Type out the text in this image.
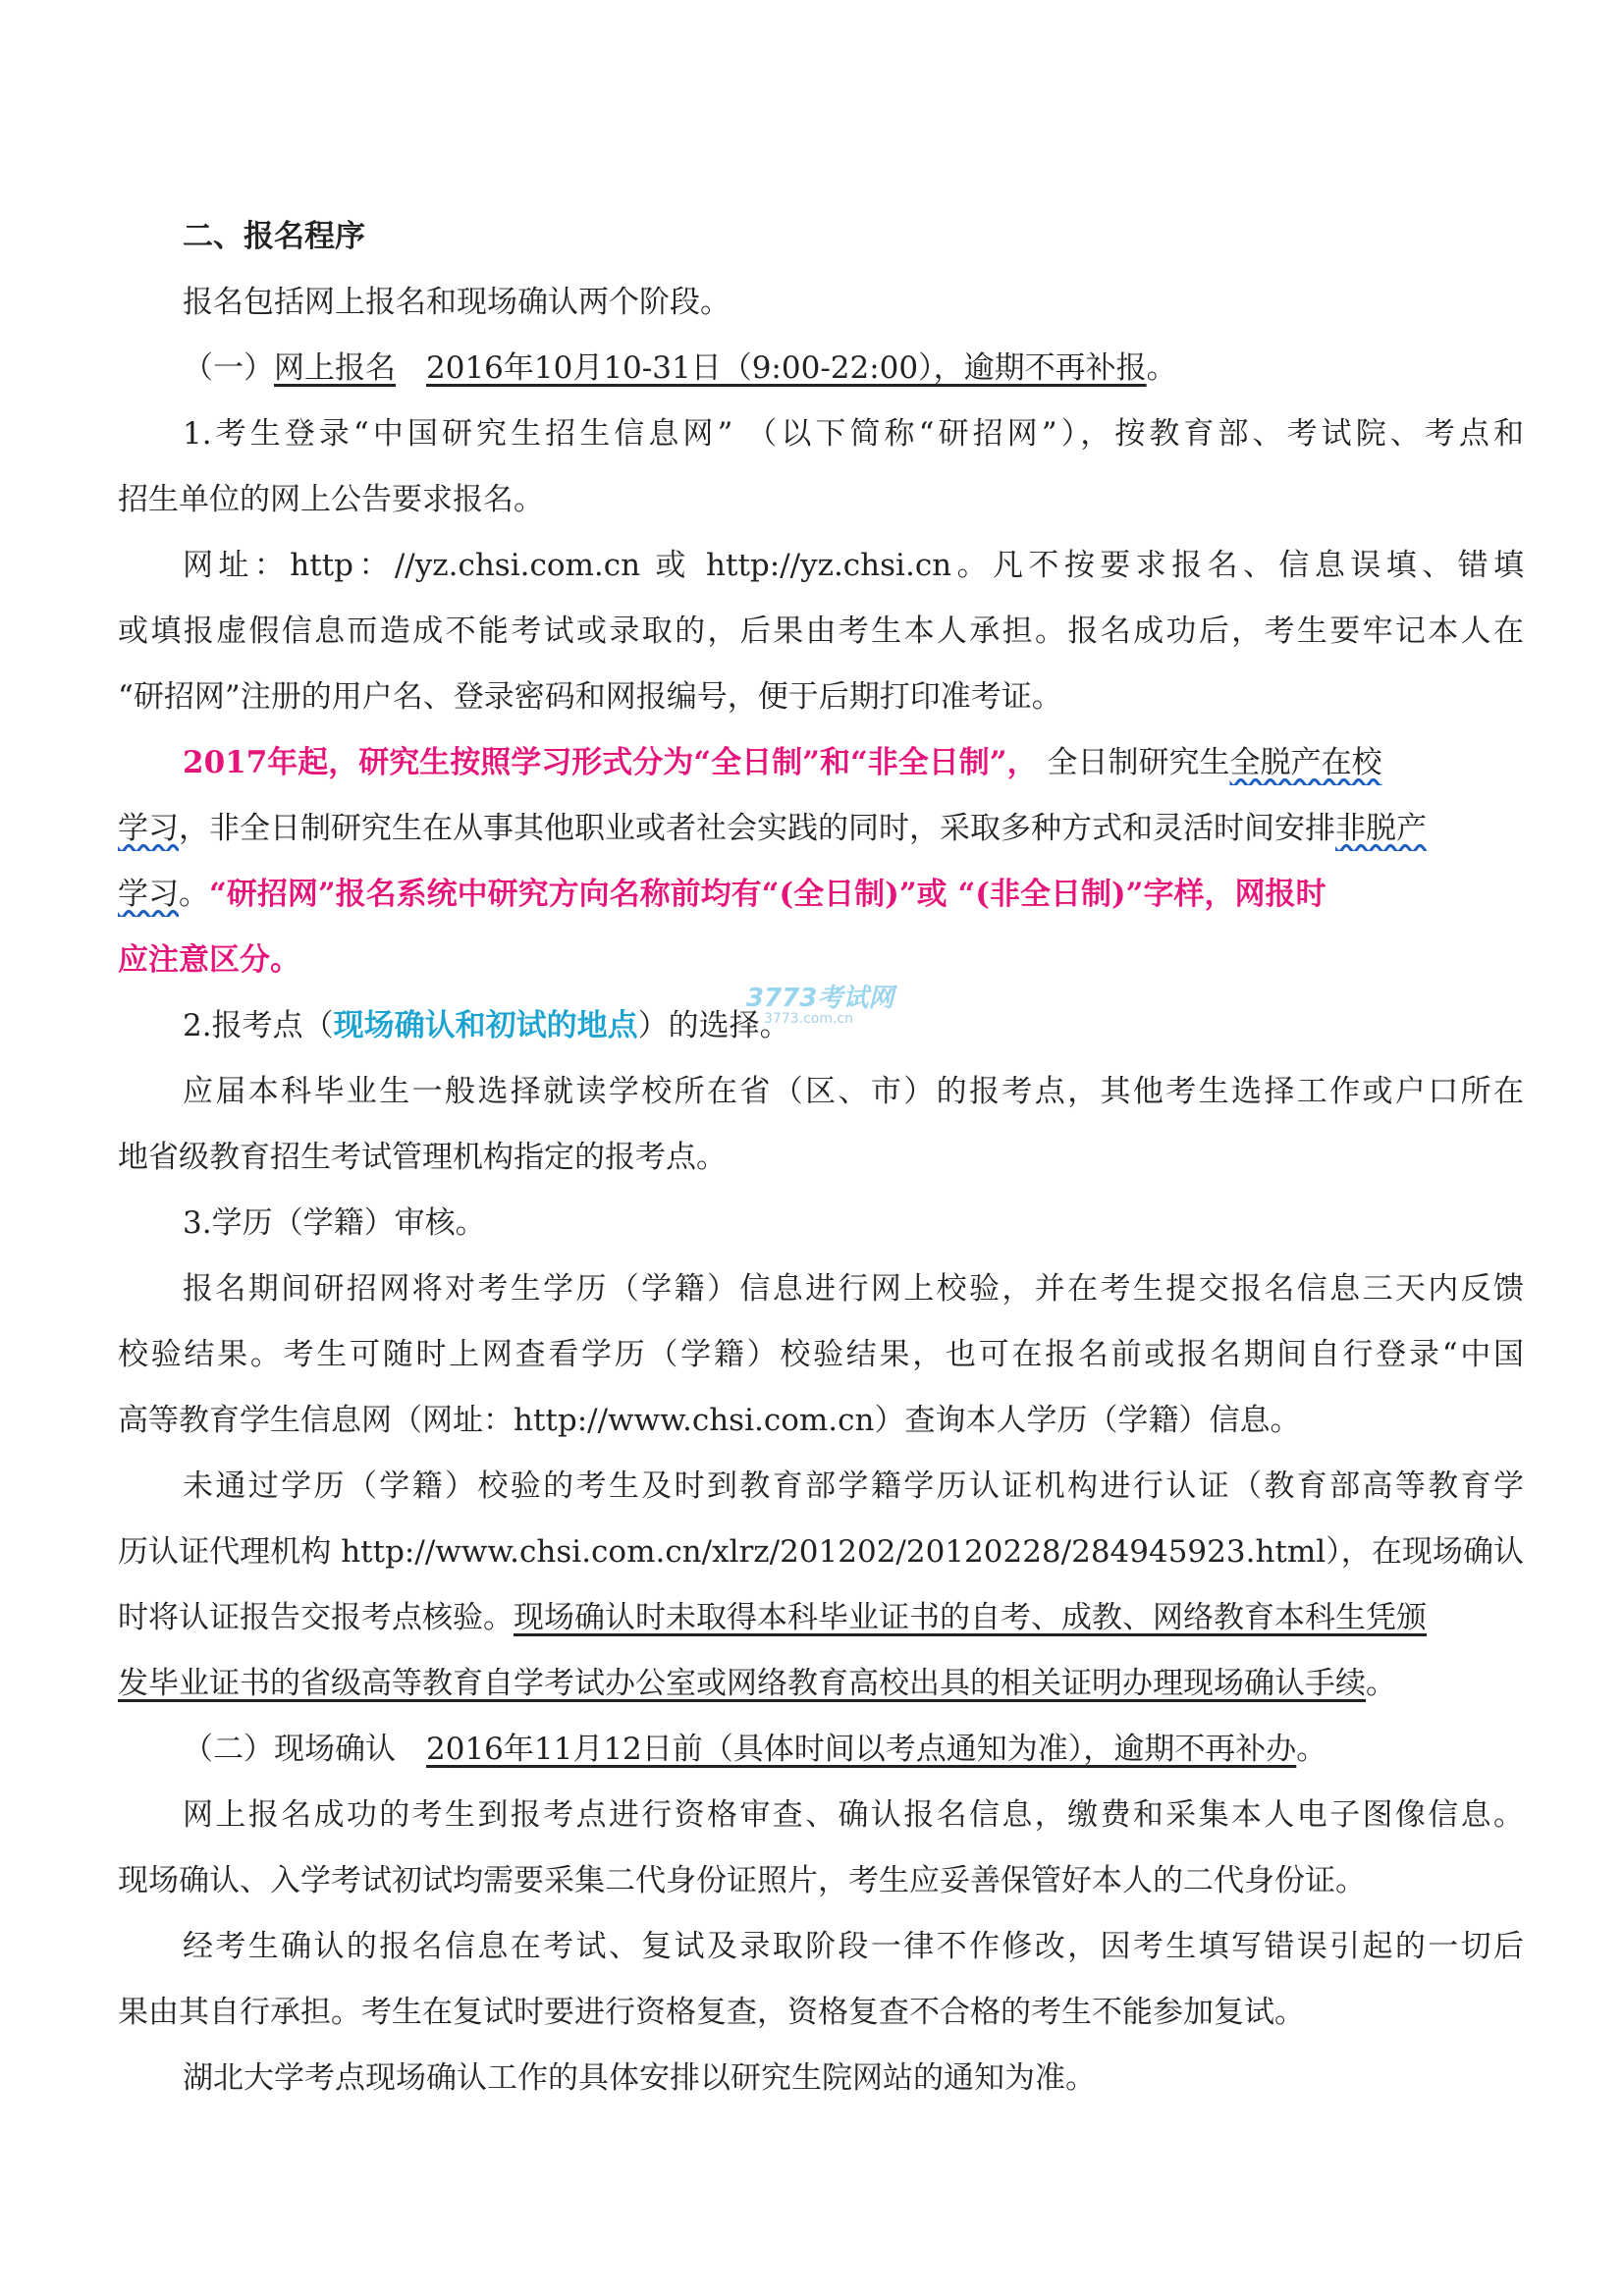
二、报名程序
报名包括网上报名和现场确认两个阶段。
（一）网上报名　 2016年10月10-31日（9:00-22:00），逾期不再补报。
1.考生登录“中国研究生招生信息网” （以下简称“研招网”），按教育部、考试院、考点和
招生单位的网上公告要求报名。
网址：http：//yz.chsi.com.cn 或 http://yz.chsi.cn。凡不按要求报名、信息误填、错填
或填报虚假信息而造成不能考试或录取的，后果由考生本人承担。报名成功后，考生要牢记本人在
“研招网”注册的用户名、登录密码和网报编号，便于后期打印准考证。
2017年起，研究生按照学习形式分为“全日制”和“非全日制”， 全日制研究生全脱产在校
学习，非全日制研究生在从事其他职业或者社会实践的同时，采取多种方式和灵活时间安排非脱产
学习。“研招网”报名系统中研究方向名称前均有“(全日制)”或 “(非全日制)”字样，网报时
应注意区分。
2.报考点（现场确认和初试的地点）的选择。
应届本科毕业生一般选择就读学校所在省（区、市）的报考点，其他考生选择工作或户口所在
地省级教育招生考试管理机构指定的报考点。
3.学历（学籍）审核。
报名期间研招网将对考生学历（学籍）信息进行网上校验，并在考生提交报名信息三天内反馈
校验结果。考生可随时上网查看学历（学籍）校验结果，也可在报名前或报名期间自行登录“中国
高等教育学生信息网（网址：http://www.chsi.com.cn）查询本人学历（学籍）信息。
未通过学历（学籍）校验的考生及时到教育部学籍学历认证机构进行认证（教育部高等教育学
历认证代理机构 http://www.chsi.com.cn/xlrz/201202/20120228/284945923.html），在现场确认
时将认证报告交报考点核验。现场确认时未取得本科毕业证书的自考、成教、网络教育本科生凭颁
发毕业证书的省级高等教育自学考试办公室或网络教育高校出具的相关证明办理现场确认手续。
（二）现场确认　2016年11月12日前（具体时间以考点通知为准），逾期不再补办。
网上报名成功的考生到报考点进行资格审查、确认报名信息，缴费和采集本人电子图像信息。
现场确认、入学考试初试均需要采集二代身份证照片，考生应妥善保管好本人的二代身份证。
经考生确认的报名信息在考试、复试及录取阶段一律不作修改，因考生填写错误引起的一切后
果由其自行承担。考生在复试时要进行资格复查，资格复查不合格的考生不能参加复试。
湖北大学考点现场确认工作的具体安排以研究生院网站的通知为准。
3773考试网
3773.com.cn
